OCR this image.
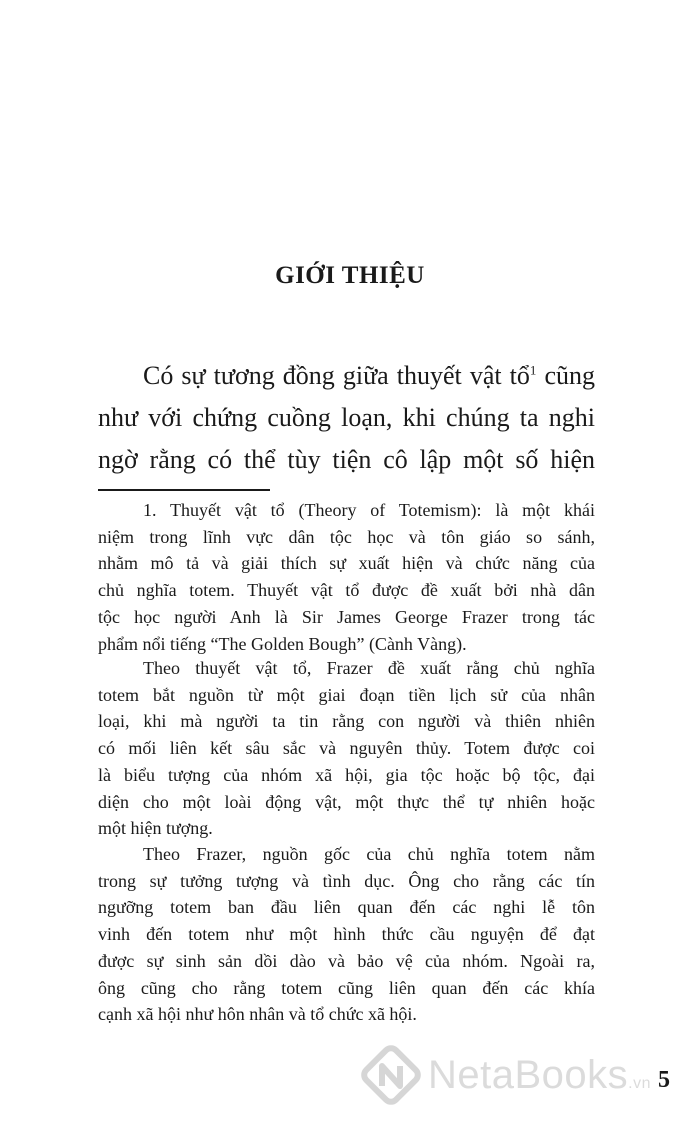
GIỚI THIỆU
Có sự tương đồng giữa thuyết vật tổ$^1$ cũng
như với chứng cuồng loạn, khi chúng ta nghi
ngờ rằng có thể tùy tiện cô lập một số hiện
1. Thuyết vật tổ (Theory of Totemism): là một khái
niệm trong lĩnh vực dân tộc học và tôn giáo so sánh,
nhằm mô tả và giải thích sự xuất hiện và chức năng của
chủ nghĩa totem. Thuyết vật tổ được đề xuất bởi nhà dân
tộc học người Anh là Sir James George Frazer trong tác
phẩm nổi tiếng “The Golden Bough” (Cành Vàng).
Theo thuyết vật tổ, Frazer đề xuất rằng chủ nghĩa
totem bắt nguồn từ một giai đoạn tiền lịch sử của nhân
loại, khi mà người ta tin rằng con người và thiên nhiên
có mối liên kết sâu sắc và nguyên thủy. Totem được coi
là biểu tượng của nhóm xã hội, gia tộc hoặc bộ tộc, đại
diện cho một loài động vật, một thực thể tự nhiên hoặc
một hiện tượng.
Theo Frazer, nguồn gốc của chủ nghĩa totem nằm
trong sự tưởng tượng và tình dục. Ông cho rằng các tín
ngưỡng totem ban đầu liên quan đến các nghi lễ tôn
vinh đến totem như một hình thức cầu nguyện để đạt
được sự sinh sản dồi dào và bảo vệ của nhóm. Ngoài ra,
ông cũng cho rằng totem cũng liên quan đến các khía
cạnh xã hội như hôn nhân và tổ chức xã hội.
NetaBooks.vn 5
